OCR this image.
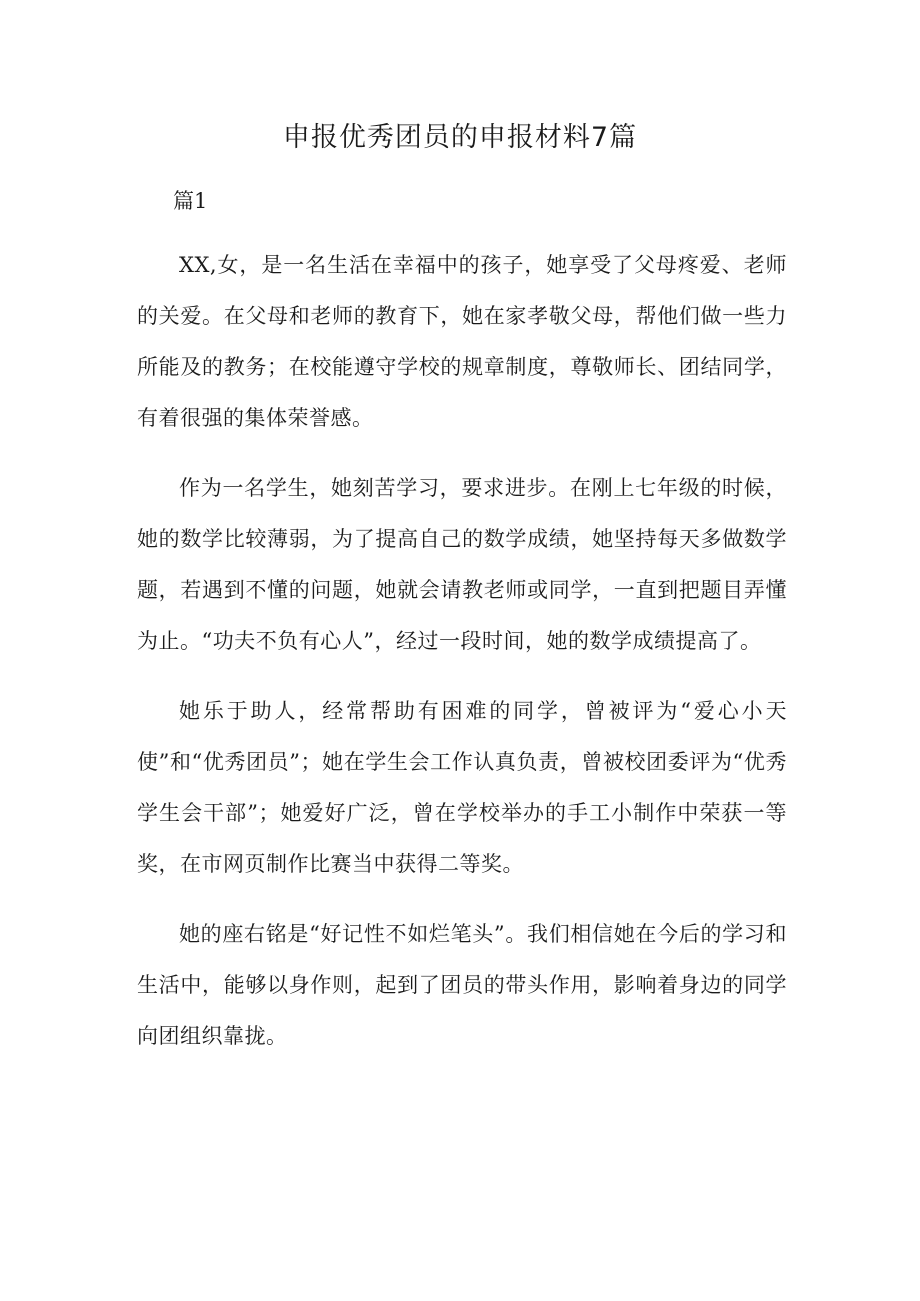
申报优秀团员的申报材料7篇
篇1

XX,女，是一名生活在幸福中的孩子，她享受了父母疼爱、老师的关爱。在父母和老师的教育下，她在家孝敬父母，帮他们做一些力所能及的教务；在校能遵守学校的规章制度，尊敬师长、团结同学，有着很强的集体荣誉感。

作为一名学生，她刻苦学习，要求进步。在刚上七年级的时候，她的数学比较薄弱，为了提高自己的数学成绩，她坚持每天多做数学题，若遇到不懂的问题，她就会请教老师或同学，一直到把题目弄懂为止。“功夫不负有心人”，经过一段时间，她的数学成绩提高了。

她乐于助人，经常帮助有困难的同学，曾被评为“爱心小天使”和“优秀团员”；她在学生会工作认真负责，曾被校团委评为“优秀学生会干部”；她爱好广泛，曾在学校举办的手工小制作中荣获一等奖，在市网页制作比赛当中获得二等奖。

她的座右铭是“好记性不如烂笔头”。我们相信她在今后的学习和生活中，能够以身作则，起到了团员的带头作用，影响着身边的同学向团组织靠拢。
